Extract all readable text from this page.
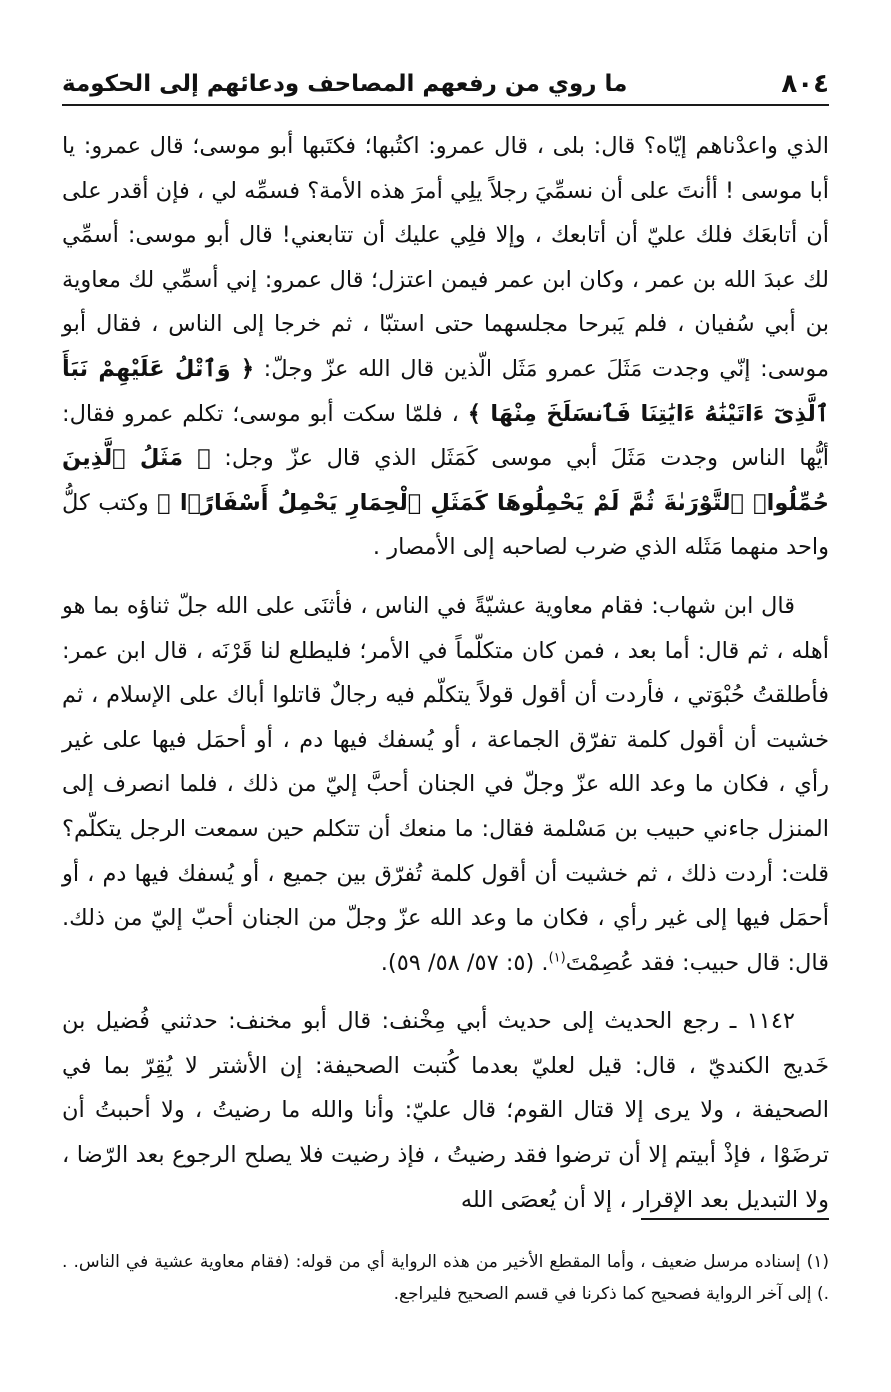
٨٠٤
ما روي من رفعهم المصاحف ودعائهم إلى الحكومة

الذي واعدْناهم إيّاه؟ قال: بلى ، قال عمرو: اكتُبها؛ فكتَبها أبو موسى؛ قال عمرو: يا أبا موسى ! أأنتَ على أن نسمِّيَ رجلاً يلِي أمرَ هذه الأمة؟ فسمِّه لي ، فإن أقدر على أن أتابعَك فلك عليّ أن أتابعك ، وإلا فلِي عليك أن تتابعني! قال أبو موسى: أسمِّي لك عبدَ الله بن عمر ، وكان ابن عمر فيمن اعتزل؛ قال عمرو: إني أسمِّي لك معاوية بن أبي سُفيان ، فلم يَبرحا مجلسهما حتى استبّا ، ثم خرجا إلى الناس ، فقال أبو موسى: إنّي وجدت مَثَلَ عمرو مَثَل الّذين قال الله عزّ وجلّ: ﴿ وَٱتْلُ عَلَيْهِمْ نَبَأَ ٱلَّذِىٓ ءَاتَيْنَٰهُ ءَايَٰتِنَا فَٱنسَلَخَ مِنْهَا ﴾ ، فلمّا سكت أبو موسى؛ تكلم عمرو فقال: أيُّها الناس وجدت مَثَلَ أبي موسى كَمَثَل الذي قال عزّ وجل: ﴿ مَثَلُ ٱلَّذِينَ حُمِّلُوا۟ ٱلتَّوْرَىٰةَ ثُمَّ لَمْ يَحْمِلُوهَا كَمَثَلِ ٱلْحِمَارِ يَحْمِلُ أَسْفَارًۢا ﴾ وكتب كلُّ واحد منهما مَثَله الذي ضرب لصاحبه إلى الأمصار .

قال ابن شهاب: فقام معاوية عشيّةً في الناس ، فأثنَى على الله جلّ ثناؤه بما هو أهله ، ثم قال: أما بعد ، فمن كان متكلّماً في الأمر؛ فليطلع لنا قَرْنَه ، قال ابن عمر: فأطلقتُ حُبْوَتي ، فأردت أن أقول قولاً يتكلّم فيه رجالٌ قاتلوا أباك على الإسلام ، ثم خشيت أن أقول كلمة تفرّق الجماعة ، أو يُسفك فيها دم ، أو أحمَل فيها على غير رأي ، فكان ما وعد الله عزّ وجلّ في الجنان أحبَّ إليّ من ذلك ، فلما انصرف إلى المنزل جاءني حبيب بن مَسْلمة فقال: ما منعك أن تتكلم حين سمعت الرجل يتكلّم؟ قلت: أردت ذلك ، ثم خشيت أن أقول كلمة تُفرّق بين جميع ، أو يُسفك فيها دم ، أو أحمَل فيها إلى غير رأي ، فكان ما وعد الله عزّ وجلّ من الجنان أحبّ إليّ من ذلك. قال: قال حبيب: فقد عُصِمْتَ$^{(١)}$. (٥: ٥٧/ ٥٨/ ٥٩).

١١٤٢ ـ رجع الحديث إلى حديث أبي مِخْنف: قال أبو مخنف: حدثني فُضيل بن خَديج الكنديّ ، قال: قيل لعليّ بعدما كُتبت الصحيفة: إن الأشتر لا يُقِرّ بما في الصحيفة ، ولا يرى إلا قتال القوم؛ قال عليّ: وأنا والله ما رضيتُ ، ولا أحببتُ أن ترضَوْا ، فإذْ أبيتم إلا أن ترضوا فقد رضيتُ ، فإذ رضيت فلا يصلح الرجوع بعد الرّضا ، ولا التبديل بعد الإقرار ، إلا أن يُعصَى الله

(١) إسناده مرسل ضعيف ، وأما المقطع الأخير من هذه الرواية أي من قوله: (فقام معاوية عشية في الناس. . .) إلى آخر الرواية فصحيح كما ذكرنا في قسم الصحيح فليراجع.
